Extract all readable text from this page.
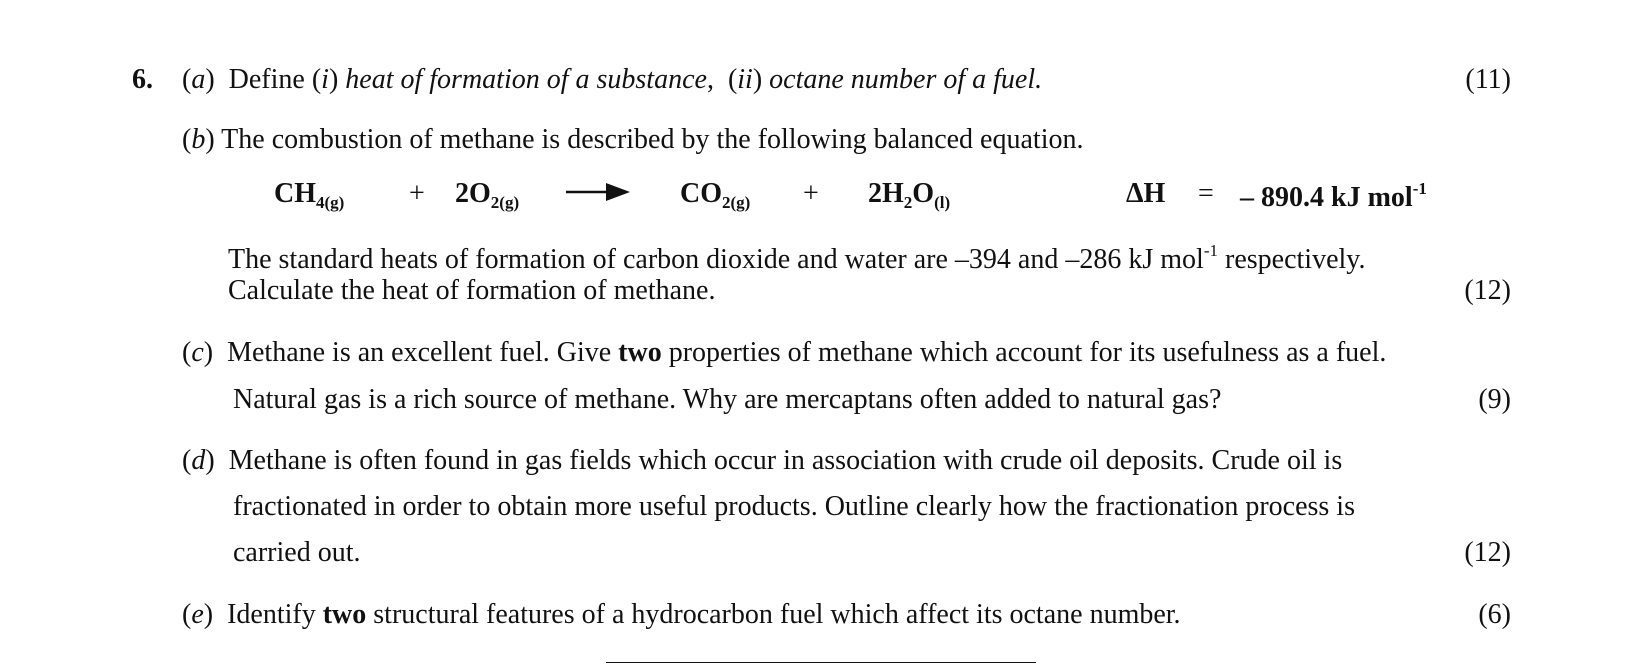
6. (a) Define (i) heat of formation of a substance, (ii) octane number of a fuel.	(11)
(b) The combustion of methane is described by the following balanced equation.
$CH_{4(g)} + 2O_{2(g)}$	$CO_{2(g)} + 2H_2O_{(l)}$	ΔH = – 890.4 kJ mol$^{-1}$
The standard heats of formation of carbon dioxide and water are –394 and –286 kJ mol$^{-1}$ respectively.
Calculate the heat of formation of methane.	(12)
(c) Methane is an excellent fuel. Give two properties of methane which account for its usefulness as a fuel.
Natural gas is a rich source of methane. Why are mercaptans often added to natural gas?	(9)
(d) Methane is often found in gas fields which occur in association with crude oil deposits. Crude oil is
fractionated in order to obtain more useful products. Outline clearly how the fractionation process is
carried out.	(12)
(e) Identify two structural features of a hydrocarbon fuel which affect its octane number.	(6)
